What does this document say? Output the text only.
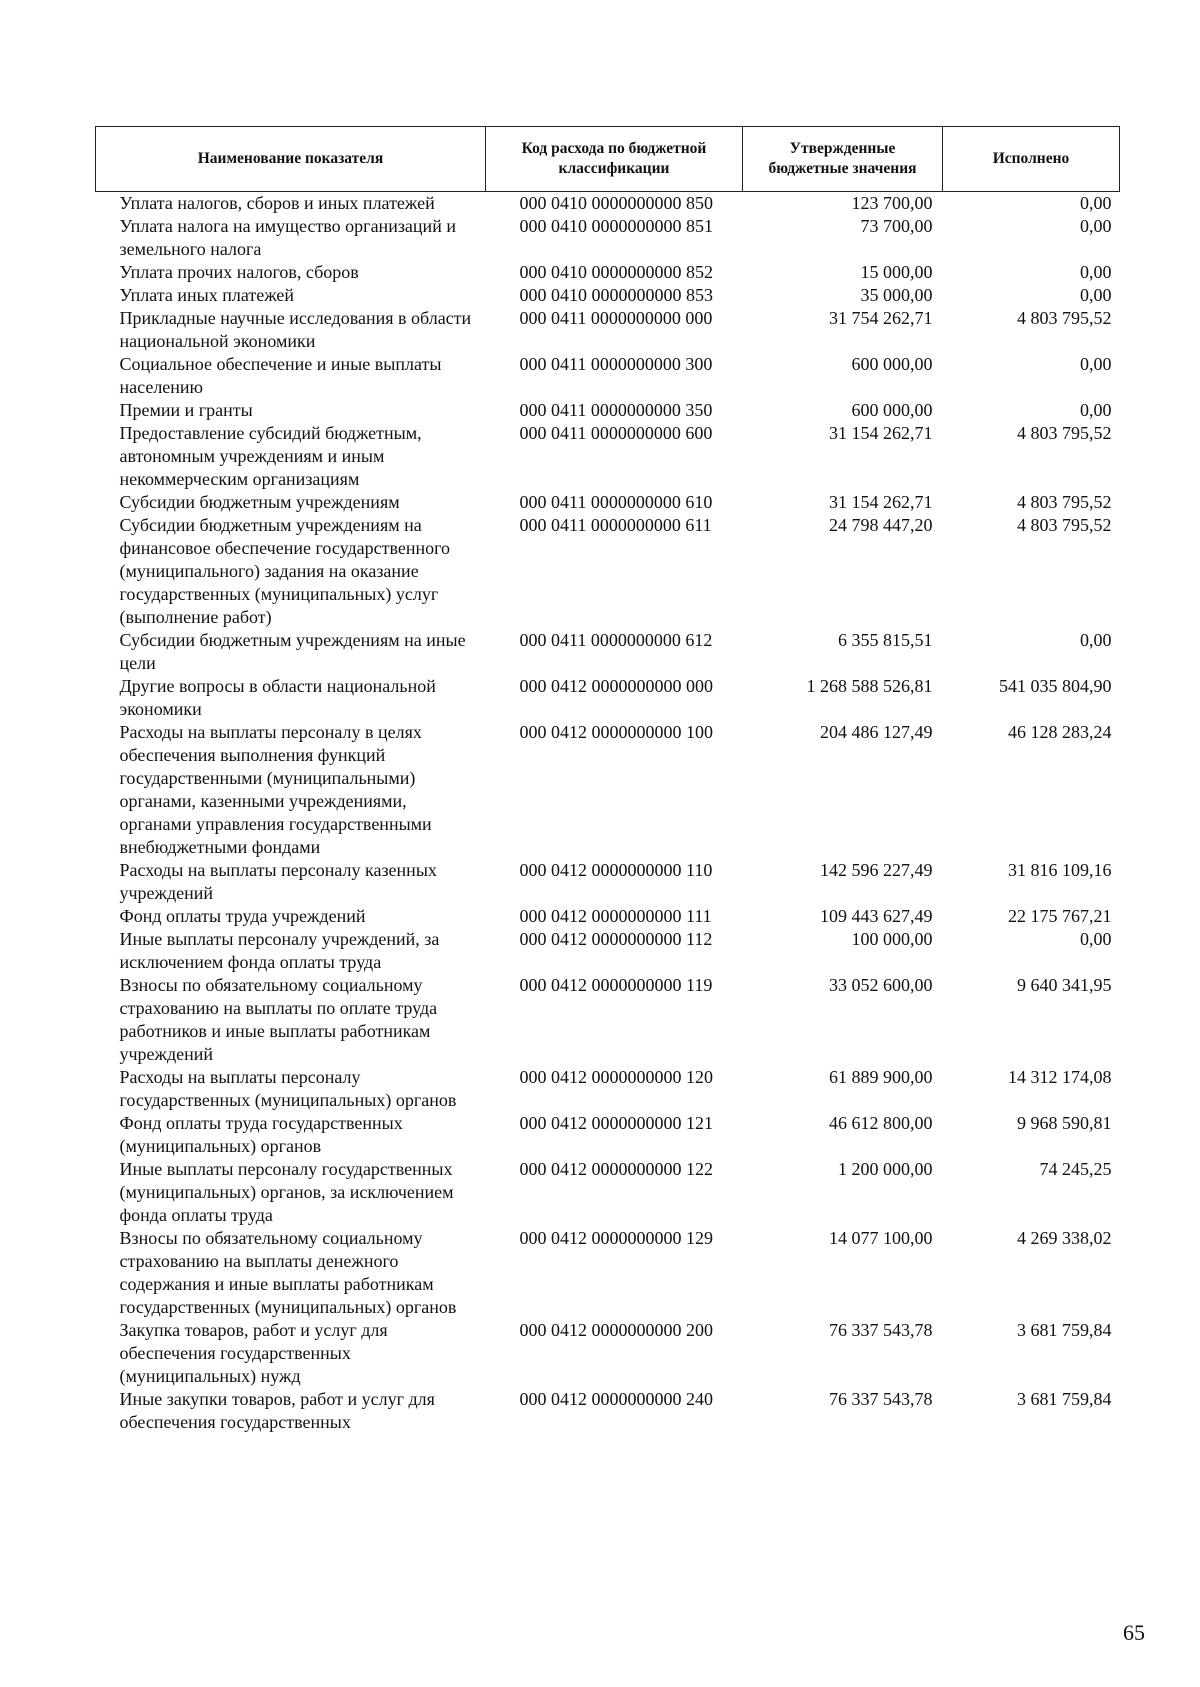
Наименование показателя	Код расхода по бюджетной классификации	Утвержденные бюджетные значения	Исполнено
Уплата налогов, сборов и иных платежей	000 0410 0000000000 850	123 700,00	0,00
Уплата налога на имущество организаций и земельного налога	000 0410 0000000000 851	73 700,00	0,00
Уплата прочих налогов, сборов	000 0410 0000000000 852	15 000,00	0,00
Уплата иных платежей	000 0410 0000000000 853	35 000,00	0,00
Прикладные научные исследования в области национальной экономики	000 0411 0000000000 000	31 754 262,71	4 803 795,52
Социальное обеспечение и иные выплаты населению	000 0411 0000000000 300	600 000,00	0,00
Премии и гранты	000 0411 0000000000 350	600 000,00	0,00
Предоставление субсидий бюджетным, автономным учреждениям и иным некоммерческим организациям	000 0411 0000000000 600	31 154 262,71	4 803 795,52
Субсидии бюджетным учреждениям	000 0411 0000000000 610	31 154 262,71	4 803 795,52
Субсидии бюджетным учреждениям на финансовое обеспечение государственного (муниципального) задания на оказание государственных (муниципальных) услуг (выполнение работ)	000 0411 0000000000 611	24 798 447,20	4 803 795,52
Субсидии бюджетным учреждениям на иные цели	000 0411 0000000000 612	6 355 815,51	0,00
Другие вопросы в области национальной экономики	000 0412 0000000000 000	1 268 588 526,81	541 035 804,90
Расходы на выплаты персоналу в целях обеспечения выполнения функций государственными (муниципальными) органами, казенными учреждениями, органами управления государственными внебюджетными фондами	000 0412 0000000000 100	204 486 127,49	46 128 283,24
Расходы на выплаты персоналу казенных учреждений	000 0412 0000000000 110	142 596 227,49	31 816 109,16
Фонд оплаты труда учреждений	000 0412 0000000000 111	109 443 627,49	22 175 767,21
Иные выплаты персоналу учреждений, за исключением фонда оплаты труда	000 0412 0000000000 112	100 000,00	0,00
Взносы по обязательному социальному страхованию на выплаты по оплате труда работников и иные выплаты работникам учреждений	000 0412 0000000000 119	33 052 600,00	9 640 341,95
Расходы на выплаты персоналу государственных (муниципальных) органов	000 0412 0000000000 120	61 889 900,00	14 312 174,08
Фонд оплаты труда государственных (муниципальных) органов	000 0412 0000000000 121	46 612 800,00	9 968 590,81
Иные выплаты персоналу государственных (муниципальных) органов, за исключением фонда оплаты труда	000 0412 0000000000 122	1 200 000,00	74 245,25
Взносы по обязательному социальному страхованию на выплаты денежного содержания и иные выплаты работникам государственных (муниципальных) органов	000 0412 0000000000 129	14 077 100,00	4 269 338,02
Закупка товаров, работ и услуг для обеспечения государственных (муниципальных) нужд	000 0412 0000000000 200	76 337 543,78	3 681 759,84
Иные закупки товаров, работ и услуг для обеспечения государственных	000 0412 0000000000 240	76 337 543,78	3 681 759,84
65
